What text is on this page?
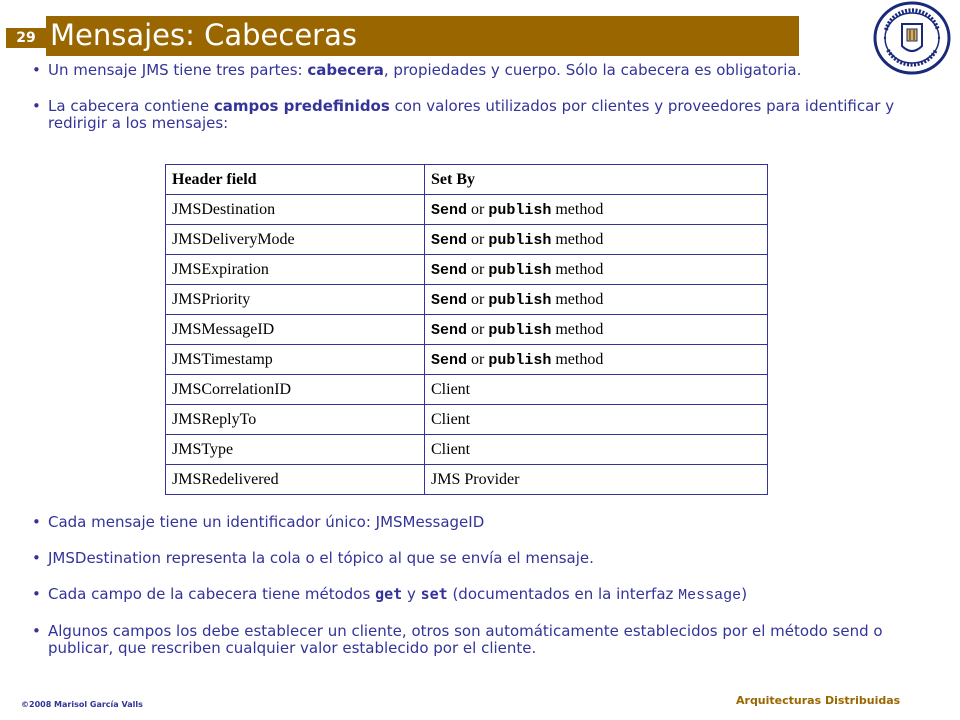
29 Mensajes: Cabeceras
• Un mensaje JMS tiene tres partes: cabecera, propiedades y cuerpo. Sólo la cabecera es obligatoria.
• La cabecera contiene campos predefinidos con valores utilizados por clientes y proveedores para identificar y redirigir a los mensajes:
Header field	Set By
JMSDestination	Send or publish method
JMSDeliveryMode	Send or publish method
JMSExpiration	Send or publish method
JMSPriority	Send or publish method
JMSMessageID	Send or publish method
JMSTimestamp	Send or publish method
JMSCorrelationID	Client
JMSReplyTo	Client
JMSType	Client
JMSRedelivered	JMS Provider
• Cada mensaje tiene un identificador único: JMSMessageID
• JMSDestination representa la cola o el tópico al que se envía el mensaje.
• Cada campo de la cabecera tiene métodos get y set (documentados en la interfaz Message)
• Algunos campos los debe establecer un cliente, otros son automáticamente establecidos por el método send o publicar, que rescriben cualquier valor establecido por el cliente.
©2008 Marisol García Valls	Arquitecturas Distribuidas
